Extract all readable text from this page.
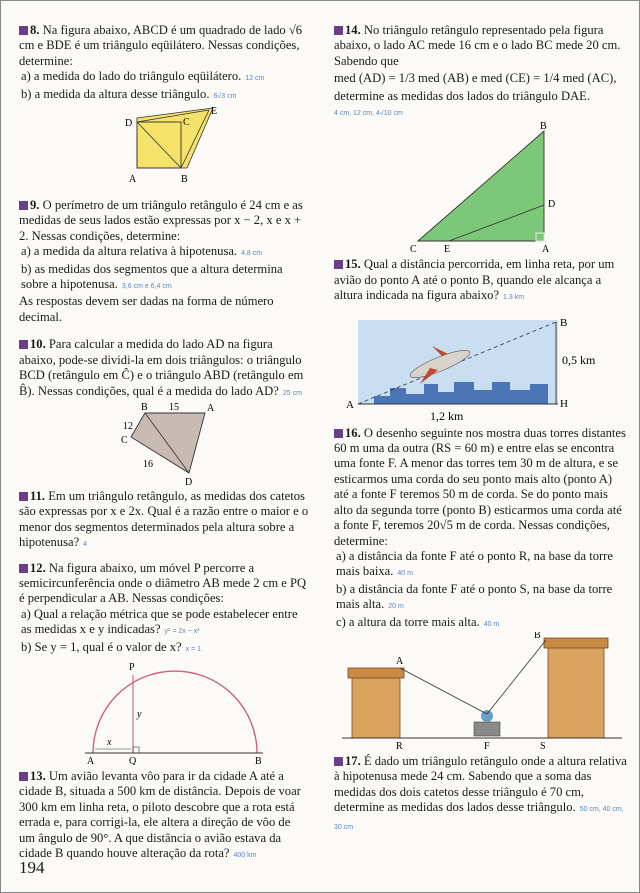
8. Na figura abaixo, ABCD é um quadrado de lado √6 cm e BDE é um triângulo eqüilátero. Nessas condições, determine:

a) a medida do lado do triângulo eqüilátero. 12 cm

b) a medida da altura desse triângulo. 6√3 cm

D	C
E
A	B

9. O perímetro de um triângulo retângulo é 24 cm e as medidas de seus lados estão expressas por x − 2, x e x + 2. Nessas condições, determine:

a) a medida da altura relativa à hipotenusa. 4,8 cm

b) as medidas dos segmentos que a altura determina sobre a hipotenusa. 3,6 cm e 6,4 cm

As respostas devem ser dadas na forma de número decimal.

10. Para calcular a medida do lado AD na figura abaixo, pode-se dividi-la em dois triângulos: o triângulo BCD (retângulo em Ĉ) e o triângulo ABD (retângulo em B̂). Nessas condições, qual é a medida do lado AD? 25 cm

B 15	A
12
C
16
D

11. Em um triângulo retângulo, as medidas dos catetos são expressas por x e 2x. Qual é a razão entre o maior e o menor dos segmentos determinados pela altura sobre a hipotenusa? 4

12. Na figura abaixo, um móvel P percorre a semicircunferência onde o diâmetro AB mede 2 cm e PQ é perpendicular a AB. Nessas condições:

a) Qual a relação métrica que se pode estabelecer entre as medidas x e y indicadas? y² = 2x − x²

b) Se y = 1, qual é o valor de x? x = 1

P
y
x
A	Q	B

13. Um avião levanta vôo para ir da cidade A até a cidade B, situada a 500 km de distância. Depois de voar 300 km em linha reta, o piloto descobre que a rota está errada e, para corrigi-la, ele altera a direção de vôo de um ângulo de 90°. A que distância o avião estava da cidade B quando houve alteração da rota? 400 km

14. No triângulo retângulo representado pela figura abaixo, o lado AC mede 16 cm e o lado BC mede 20 cm. Sabendo que

med (AD) = 1/3 med (AB) e med (CE) = 1/4 med (AC),

determine as medidas dos lados do triângulo DAE.

4 cm, 12 cm, 4√10 cm

B
D
C	E	A

15. Qual a distância percorrida, em linha reta, por um avião do ponto A até o ponto B, quando ele alcança a altura indicada na figura abaixo? 1,3 km

B
H
A
0,5 km
1,2 km

16. O desenho seguinte nos mostra duas torres distantes 60 m uma da outra (RS = 60 m) e entre elas se encontra uma fonte F. A menor das torres tem 30 m de altura, e se esticarmos uma corda do seu ponto mais alto (ponto A) até a fonte F teremos 50 m de corda. Se do ponto mais alto da segunda torre (ponto B) esticarmos uma corda até a fonte F, teremos 20√5 m de corda. Nessas condições, determine:

a) a distância da fonte F até o ponto R, na base da torre mais baixa. 40 m

b) a distância da fonte F até o ponto S, na base da torre mais alta. 20 m

c) a altura da torre mais alta. 40 m

A
B
R	F	S

17. É dado um triângulo retângulo onde a altura relativa à hipotenusa mede 24 cm. Sabendo que a soma das medidas dos dois catetos desse triângulo é 70 cm, determine as medidas dos lados desse triângulo. 50 cm, 40 cm, 30 cm

194
